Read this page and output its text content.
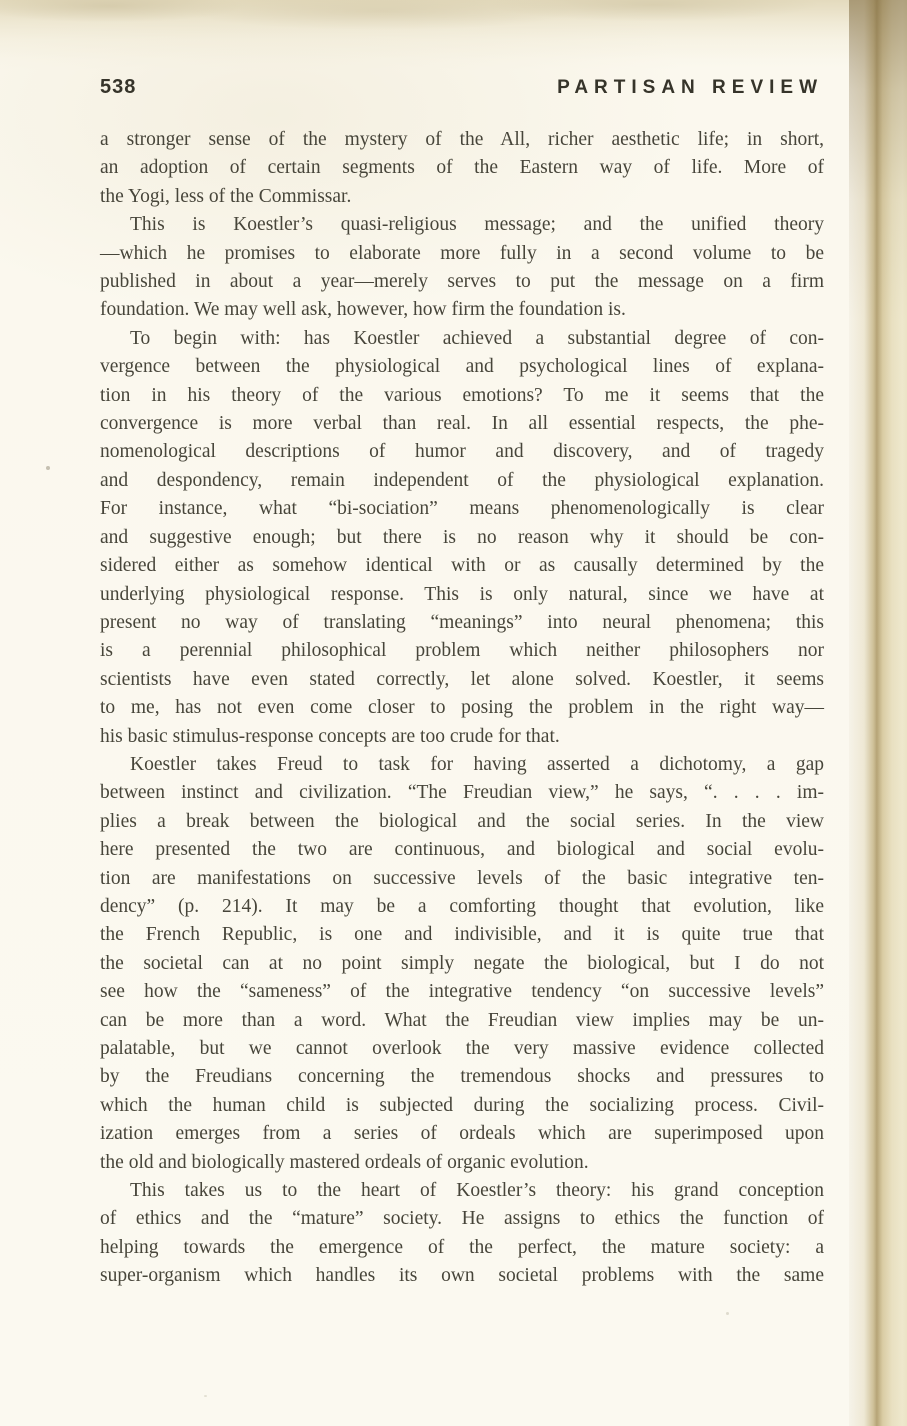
538	PARTISAN REVIEW
a stronger sense of the mystery of the All, richer aesthetic life; in short,
an adoption of certain segments of the Eastern way of life. More of
the Yogi, less of the Commissar.
This is Koestler’s quasi-religious message; and the unified theory
—which he promises to elaborate more fully in a second volume to be
published in about a year—merely serves to put the message on a firm
foundation. We may well ask, however, how firm the foundation is.
To begin with: has Koestler achieved a substantial degree of con-
vergence between the physiological and psychological lines of explana-
tion in his theory of the various emotions? To me it seems that the
convergence is more verbal than real. In all essential respects, the phe-
nomenological descriptions of humor and discovery, and of tragedy
and despondency, remain independent of the physiological explanation.
For instance, what “bi-sociation” means phenomenologically is clear
and suggestive enough; but there is no reason why it should be con-
sidered either as somehow identical with or as causally determined by the
underlying physiological response. This is only natural, since we have at
present no way of translating “meanings” into neural phenomena; this
is a perennial philosophical problem which neither philosophers nor
scientists have even stated correctly, let alone solved. Koestler, it seems
to me, has not even come closer to posing the problem in the right way—
his basic stimulus-response concepts are too crude for that.
Koestler takes Freud to task for having asserted a dichotomy, a gap
between instinct and civilization. “The Freudian view,” he says, “. . . . im-
plies a break between the biological and the social series. In the view
here presented the two are continuous, and biological and social evolu-
tion are manifestations on successive levels of the basic integrative ten-
dency” (p. 214). It may be a comforting thought that evolution, like
the French Republic, is one and indivisible, and it is quite true that
the societal can at no point simply negate the biological, but I do not
see how the “sameness” of the integrative tendency “on successive levels”
can be more than a word. What the Freudian view implies may be un-
palatable, but we cannot overlook the very massive evidence collected
by the Freudians concerning the tremendous shocks and pressures to
which the human child is subjected during the socializing process. Civil-
ization emerges from a series of ordeals which are superimposed upon
the old and biologically mastered ordeals of organic evolution.
This takes us to the heart of Koestler’s theory: his grand conception
of ethics and the “mature” society. He assigns to ethics the function of
helping towards the emergence of the perfect, the mature society: a
super-organism which handles its own societal problems with the same
